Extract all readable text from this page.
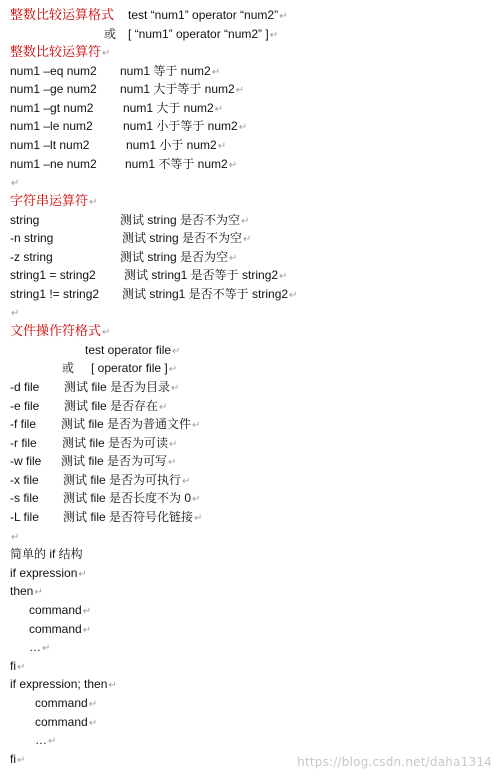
整数比较运算格式 test “num1” operator “num2”↵
或 [ “num1” operator “num2” ]↵
整数比较运算符↵
num1 –eq num2 num1 等于 num2↵
num1 –ge num2 num1 大于等于 num2↵
num1 –gt num2 num1 大于 num2↵
num1 –le num2	num1 小于等于 num2↵
num1 –lt num2	num1 小于 num2↵
num1 –ne num2 num1 不等于 num2↵
↵
字符串运算符↵
string	测试 string 是否不为空↵
-n string	测试 string 是否不为空↵
-z string	测试 string 是否为空↵
string1 = string2 测试 string1 是否等于 string2↵
string1 != string2 测试 string1 是否不等于 string2↵
↵
文件操作符格式↵
test operator file↵
或 [ operator file ]↵
-d file 测试 file 是否为目录↵
-e file 测试 file 是否存在↵
-f file 测试 file 是否为普通文件↵
-r file 测试 file 是否为可读↵
-w file 测试 file 是否为可写↵
-x file 测试 file 是否为可执行↵
-s file 测试 file 是否长度不为 0↵
-L file 测试 file 是否符号化链接↵
↵
简单的 if 结构
if expression↵
then↵
command↵
command↵
…↵
fi↵
if expression; then↵
command↵
command↵
…↵
fi↵	https://blog.csdn.net/daha1314
